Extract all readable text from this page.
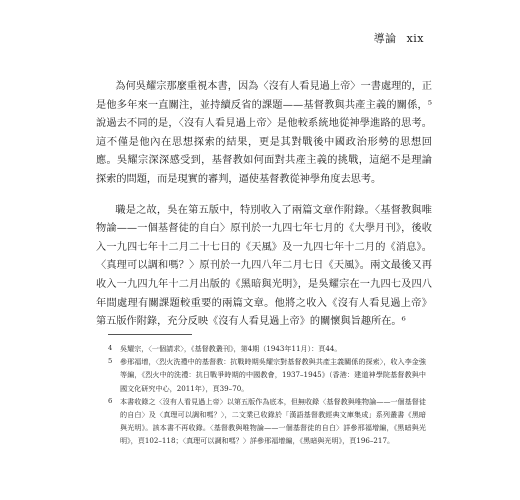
導論 xix

為何吳耀宗那麼重視本書，因為〈沒有人看見過上帝〉一書處理的，正是他多年來一直關注，並持續反省的課題——基督教與共產主義的關係，⁵ 說過去不同的是，〈沒有人看見過上帝〉是他較系統地從神學進路的思考。這不僅是他內在思想探索的結果，更是其對戰後中國政治形勢的思想回應。吳耀宗深深感受到，基督教如何面對共產主義的挑戰，這絕不是理論探索的問題，而是現實的審判，逼使基督教從神學角度去思考。

職是之故，吳在第五版中，特別收入了兩篇文章作附錄。〈基督教與唯物論——一個基督徒的自白〉原刊於一九四七年七月的《大學月刊》，後收入一九四七年十二月二十七日的《天風》及一九四七年十二月的《消息》。〈真理可以調和嗎？〉原刊於一九四八年二月七日《天風》。兩文最後又再收入一九四九年十二月出版的《黑暗與光明》，是吳耀宗在一九四七及四八年間處理有關課題較重要的兩篇文章。他將之收入《沒有人看見過上帝》第五版作附錄，充分反映《沒有人看見過上帝》的關懷與旨趣所在。⁶

4 吳耀宗，〈一個請求〉，《基督教叢刊》，第4期（1943年11月）：頁44。
5 參邢福增，〈烈火洗禮中的基督教：抗戰時期吳耀宗對基督教與共產主義關係的探索〉，收入李金強等編，《烈火中的洗禮：抗日戰爭時期的中國教會，1937–1945》（香港：建道神學院基督教與中國文化研究中心，2011年），頁39–70。
6 本書收錄之〈沒有人看見過上帝〉以第五版作為底本，但無收錄〈基督教與唯物論——一個基督徒的自白〉及〈真理可以調和嗎？〉，二文業已收錄於「漢語基督教經典文庫集成」系列叢書《黑暗與光明》。該本書不再收錄。〈基督教與唯物論——一個基督徒的自白〉詳參邢福增編，《黑暗與光明》，頁102–118；〈真理可以調和嗎？〉詳參邢福增編，《黑暗與光明》，頁196–217。
